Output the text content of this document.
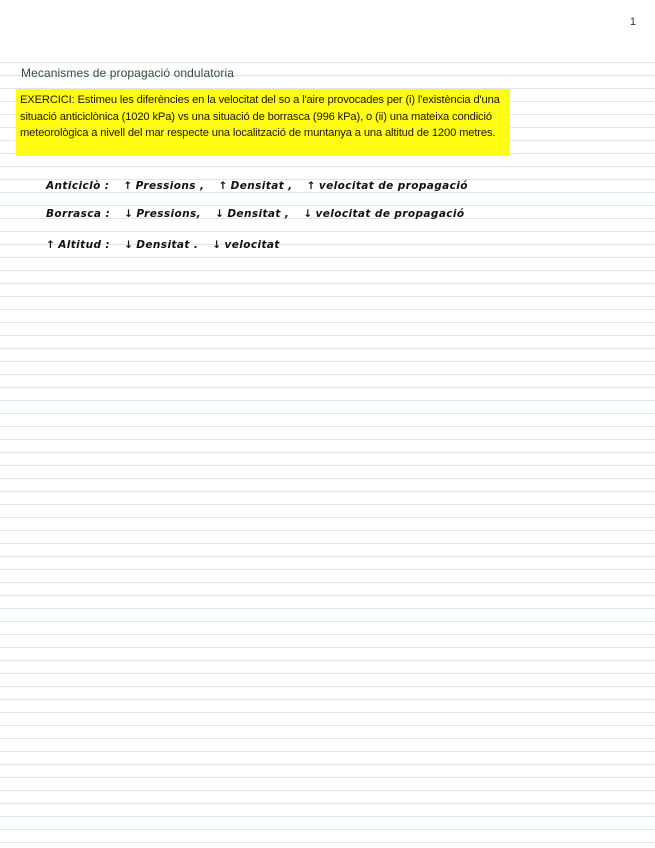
1
Mecanismes de propagació ondulatoria
EXERCICI: Estimeu les diferències en la velocitat del so a l'aire provocades per (i) l'existència d'una situació anticiclònica (1020 kPa) vs una situació de borrasca (996 kPa), o (ii) una mateixa condició meteorològica a nivell del mar respecte una localització de muntanya a una altitud de 1200 metres.
Anticiclò : ↑ Pressions , ↑ Densitat , ↑ velocitat de propagació
Borrasca : ↓ Pressions, ↓ Densitat , ↓ velocitat de propagació
↑ Altitud : ↓ Densitat . ↓ velocitat
